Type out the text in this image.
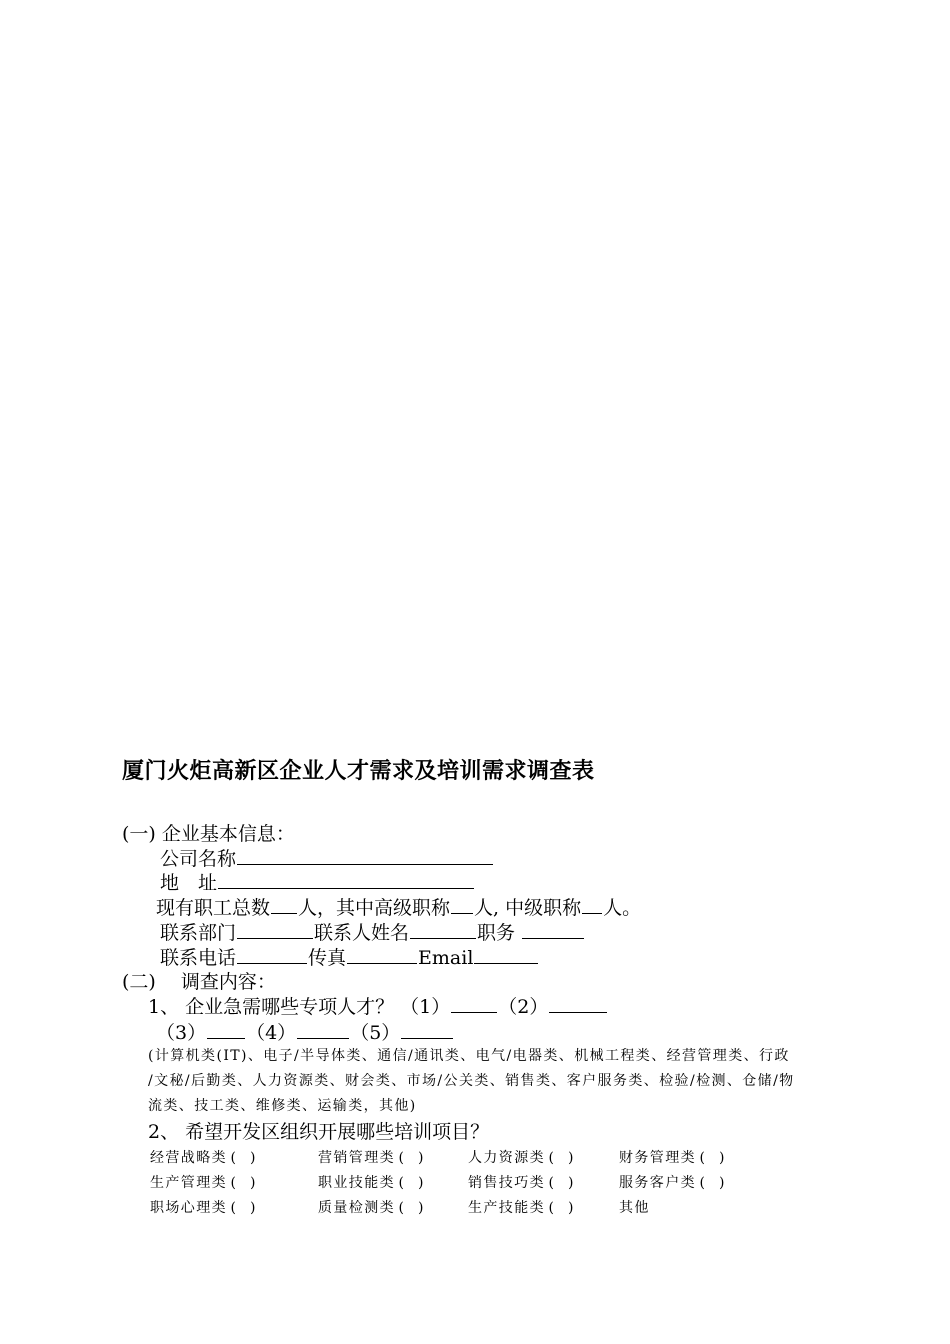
厦门火炬高新区企业人才需求及培训需求调查表
(一) 企业基本信息：
公司名称
地　址
现有职工总数 人，其中高级职称 人, 中级职称 人。
联系部门	联系人姓名	职务
联系电话	传真	Email
(二)　 调查内容：
1、 企业急需哪些专项人才？ （1）	（2）
（3） （4）	（5）
(计算机类(IT)、电子/半导体类、通信/通讯类、电气/电器类、机械工程类、经营管理类、行政
/文秘/后勤类、人力资源类、财会类、市场/公关类、销售类、客户服务类、检验/检测、仓储/物
流类、技工类、维修类、运输类，其他)
2、 希望开发区组织开展哪些培训项目？
经营战略类 (　)	营销管理类 (　)	人力资源类 (　)	财务管理类 (　)
生产管理类 (　)	职业技能类 (　)	销售技巧类 (　)	服务客户类 (　)
职场心理类 (　)	质量检测类 (　)	生产技能类 (　)	其他
